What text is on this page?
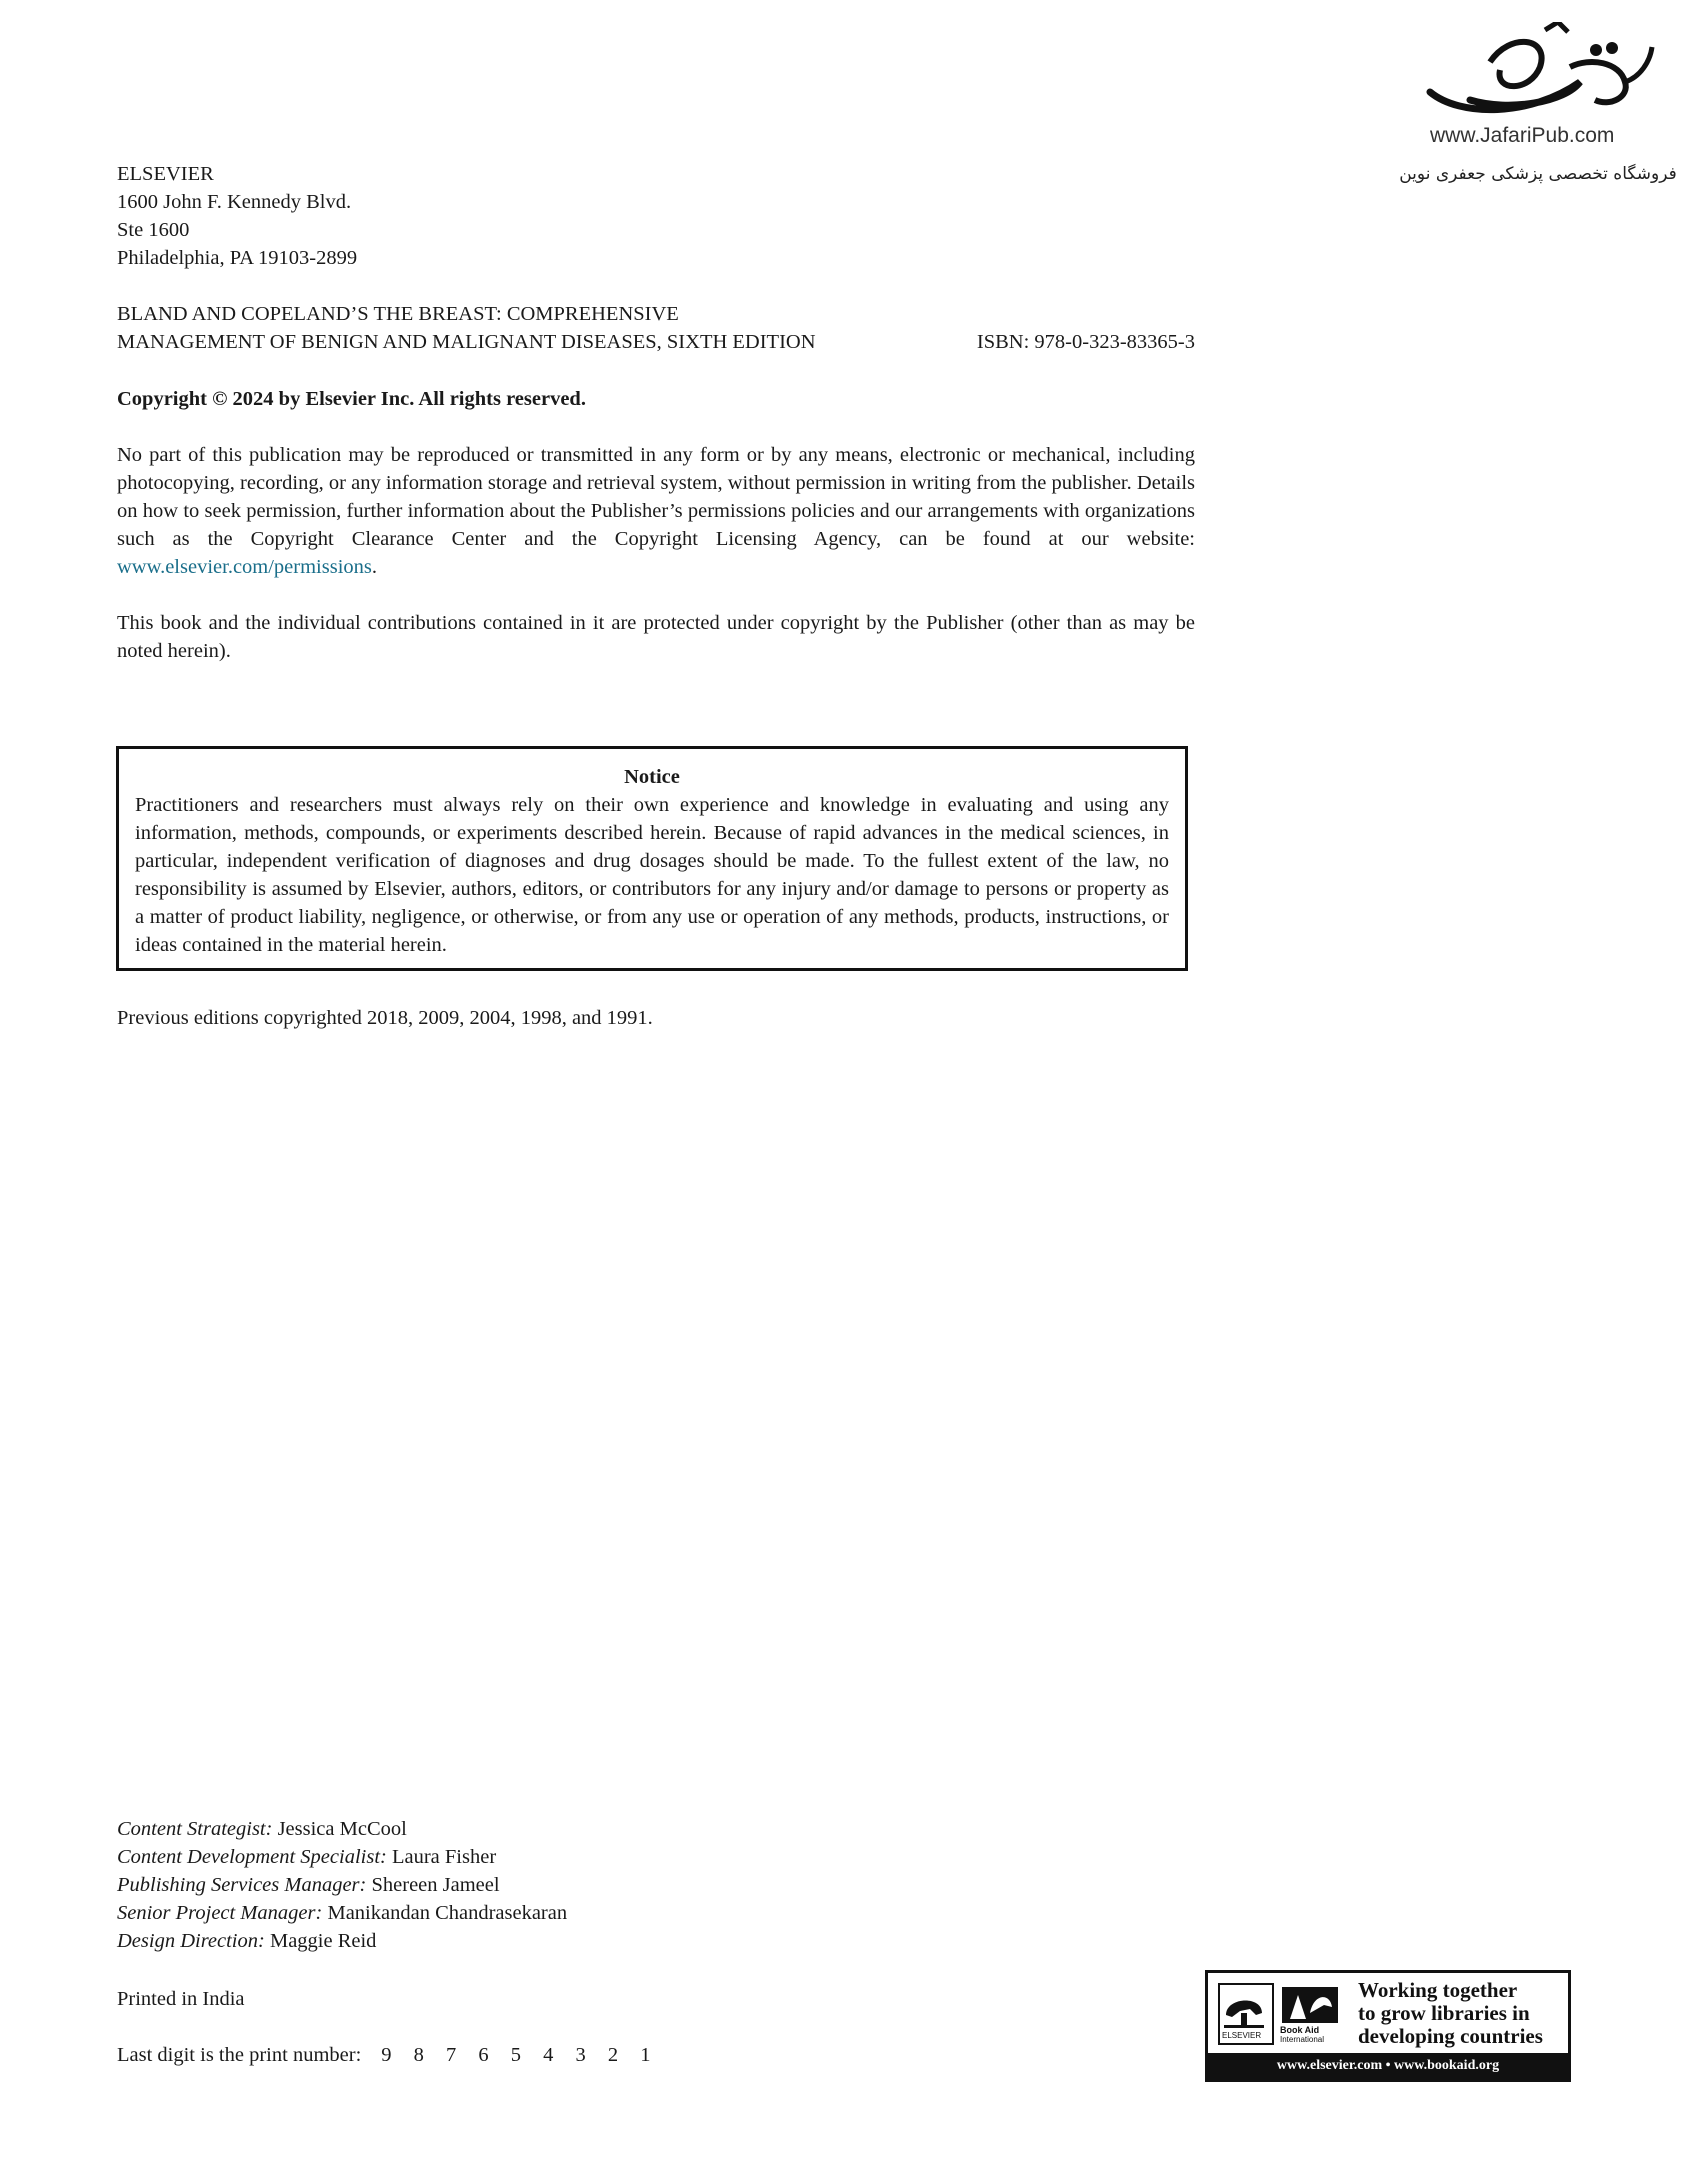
www.JafariPub.com
فروشگاه تخصصی پزشکی جعفری نوین
ELSEVIER
1600 John F. Kennedy Blvd.
Ste 1600
Philadelphia, PA 19103-2899
BLAND AND COPELAND’S THE BREAST: COMPREHENSIVE
MANAGEMENT OF BENIGN AND MALIGNANT DISEASES, SIXTH EDITION	ISBN: 978-0-323-83365-3
Copyright © 2024 by Elsevier Inc. All rights reserved.
No part of this publication may be reproduced or transmitted in any form or by any means, electronic or mechanical, including photocopying, recording, or any information storage and retrieval system, without permission in writing from the publisher. Details on how to seek permission, further information about the Publisher’s permissions policies and our arrangements with organizations such as the Copyright Clearance Center and the Copyright Licensing Agency, can be found at our website: www.elsevier.com/permissions.
This book and the individual contributions contained in it are protected under copyright by the Publisher (other than as may be noted herein).
Notice
Practitioners and researchers must always rely on their own experience and knowledge in evaluating and using any information, methods, compounds, or experiments described herein. Because of rapid advances in the medical sciences, in particular, independent verification of diagnoses and drug dosages should be made. To the fullest extent of the law, no responsibility is assumed by Elsevier, authors, editors, or contributors for any injury and/or damage to persons or property as a matter of product liability, negligence, or otherwise, or from any use or operation of any methods, products, instructions, or ideas contained in the material herein.
Previous editions copyrighted 2018, 2009, 2004, 1998, and 1991.
Content Strategist: Jessica McCool
Content Development Specialist: Laura Fisher
Publishing Services Manager: Shereen Jameel
Senior Project Manager: Manikandan Chandrasekaran
Design Direction: Maggie Reid
Printed in India
Last digit is the print number: 9 8 7 6 5 4 3 2 1
ELSEVIER
Book Aid
International
Working together
to grow libraries in
developing countries
www.elsevier.com • www.bookaid.org
